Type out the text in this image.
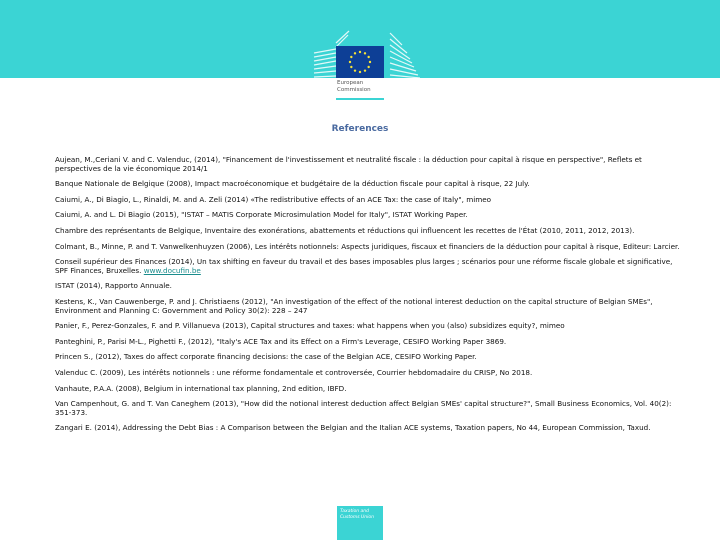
European
Commission
References
Aujean, M.,Ceriani V. and C. Valenduc, (2014), "Financement de l'investissement et neutralité fiscale : la déduction pour capital à risque en perspective", Reflets et perspectives de la vie économique 2014/1
Banque Nationale de Belgique (2008), Impact macroéconomique et budgétaire de la déduction fiscale pour capital à risque, 22 July.
Caiumi, A., Di Biagio, L., Rinaldi, M. and A. Zeli (2014) «The redistributive effects of an ACE Tax: the case of Italy", mimeo
Caiumi, A. and L. Di Biagio (2015), "ISTAT – MATIS Corporate Microsimulation Model for Italy", ISTAT Working Paper.
Chambre des représentants de Belgique, Inventaire des exonérations, abattements et réductions qui influencent les recettes de l'État (2010, 2011, 2012, 2013).
Colmant, B., Minne, P. and T. Vanwelkenhuyzen (2006), Les intérêts notionnels: Aspects juridiques, fiscaux et financiers de la déduction pour capital à risque, Editeur: Larcier.
Conseil supérieur des Finances (2014), Un tax shifting en faveur du travail et des bases imposables plus larges ; scénarios pour une réforme fiscale globale et significative, SPF Finances, Bruxelles. www.docufin.be
ISTAT (2014), Rapporto Annuale.
Kestens, K., Van Cauwenberge, P. and J. Christiaens (2012), "An investigation of the effect of the notional interest deduction on the capital structure of Belgian SMEs", Environment and Planning C: Government and Policy 30(2): 228 – 247
Panier, F., Perez-Gonzales, F. and P. Villanueva (2013), Capital structures and taxes: what happens when you (also) subsidizes equity?, mimeo
Panteghini, P., Parisi M-L., Pighetti F., (2012), "Italy's ACE Tax and its Effect on a Firm's Leverage, CESIFO Working Paper 3869.
Princen S., (2012), Taxes do affect corporate financing decisions: the case of the Belgian ACE, CESIFO Working Paper.
Valenduc C. (2009), Les intérêts notionnels : une réforme fondamentale et controversée, Courrier hebdomadaire du CRISP, No 2018.
Vanhaute, P.A.A. (2008), Belgium in international tax planning, 2nd edition, IBFD.
Van Campenhout, G. and T. Van Caneghem (2013), "How did the notional interest deduction affect Belgian SMEs' capital structure?", Small Business Economics, Vol. 40(2): 351-373.
Zangari E. (2014), Addressing the Debt Bias : A Comparison between the Belgian and the Italian ACE systems, Taxation papers, No 44, European Commission, Taxud.
Taxation and
Customs Union
